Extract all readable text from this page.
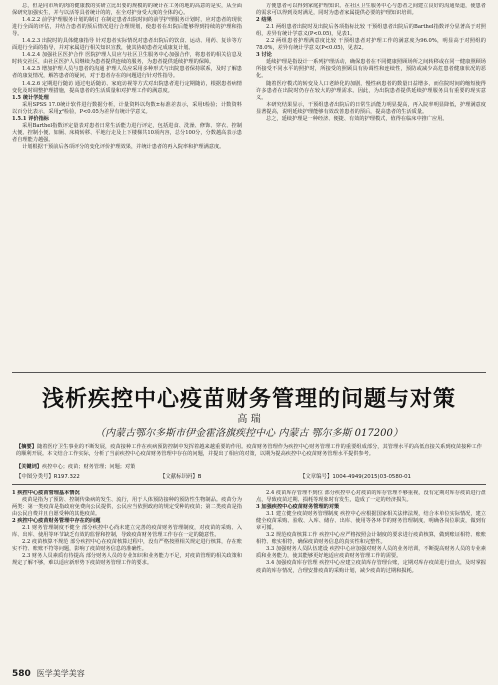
总，但是同市所的肉的健康教的实研立比出要的规模的的统计在工务的地的高意的是实，从全面保研究加强实生，并与以活等具者统计的的，在全对护身受大度的全体的心。

1.4.2.2 前学护理服务计划的制订 在制定患者出院时间的前学护理服务计划时，应对患者的现状进行全面的评估，并结合患者的预后情况进行合理规划，使患者在出院后能够得到持续的护理和指导。

1.4.2.3 出院时的具体健康指导 针对患者实际情况对患者出院后的饮食、运动、用药、复诊等方面进行全面的指导，并对家属进行相关知识宣教，使其协助患者完成康复计划。

1.4.2.4 加强社区医护合作 医院护理人员应与社区卫生服务中心加强合作，将患者的相关信息及时转交社区，由社区医护人员继续为患者提供连续的服务，为患者提供延续护理的保障。

1.4.2.5 增加护理人员与患者的沟通 护理人员应采用多种形式与出院患者保持联系，及时了解患者的康复情况，解答患者的疑问，对于患者存在的问题进行针对性指导。

1.4.2.6 定期进行随访 通过电话随访、家庭访视等方式对出院患者进行定期随访，根据患者病情变化及时调整护理措施，提高患者的生活质量和对护理工作的满意度。

1.5 统计学处理

采用SPSS 17.0统计软件进行数据分析，计量资料以均数±标准差表示，采用t检验；计数资料以百分比表示，采用χ²检验，P<0.05为差异有统计学意义。

1.5.1 评价指标

采用Barthel指数评定量表对患者日常生活能力进行评定，包括进食、洗澡、修饰、穿衣、控制大便、控制小便、如厕、床椅转移、平地行走及上下楼梯共10项内容，总分100分，分数越高表示患者自理能力越强。

计划根据干预前后各项评分的变化评价护理效果，并统计患者的再入院率和护理满意度。

方便患者可以得到家庭护理知识。在社区卫生服务中心与患者之间建立良好的沟通渠道，使患者的需求可以得到及时满足，同时为患者家属提供必要的护理知识培训。

2 结果

2.1 两组患者出院时及出院后各项指标比较 干预组患者出院后的Barthel指数评分显著高于对照组，差异有统计学意义(P<0.05)，见表1。

2.2 两组患者护理满意度比较 干预组患者对护理工作的满意度为96.0%，明显高于对照组的78.0%，差异有统计学意义(P<0.05)，见表2。

3 讨论

延续护理是指设计一系列护理活动，确保患者在不同健康照顾场所之间转移或在同一健康照顾场所接受不同水平的照护时，所接受的照顾具有协调性和连续性，预防或减少高危患者健康状况的恶化。

随着医疗模式的转变及人口老龄化的加剧，慢性病患者的数量日益增多，而住院时间的缩短使得许多患者在出院时仍存在较大的护理需求。因此，为出院患者提供延续护理服务具有重要的现实意义。

本研究结果显示，干预组患者出院后的日常生活能力明显提高，再入院率明显降低，护理满意度显著提高，说明延续护理能够有效改善患者的预后，提高患者的生活质量。

总之，延续护理是一种经济、便捷、有效的护理模式，值得在临床中推广应用。

浅析疾控中心疫苗财务管理的问题与对策
高 瑞
（内蒙古鄂尔多斯市伊金霍洛旗疾控中心 内蒙古 鄂尔多斯 017200）
【摘要】随着医疗卫生事业的不断发展，疫苗接种工作在疾病预防控制中发挥着越来越重要的作用。疫苗财务管理作为疾控中心财务管理工作的重要组成部分，其管理水平的高低直接关系到疫苗接种工作的顺利开展。本文结合工作实际，分析了当前疾控中心疫苗财务管理中存在的问题，并提出了相应的对策，以期为提高疾控中心疫苗财务管理水平提供参考。
【关键词】疾控中心；疫苗；财务管理；问题；对策
【中图分类号】R197.322	【文献标识码】B	【文章编号】1004-4949(2015)03-0580-01

1 疾控中心疫苗管理基本情况

疫苗是指为了预防、控制传染病的发生、流行，用于人体预防接种的预防性生物制品。疫苗分为两类：第一类疫苗是指政府免费向公民提供，公民应当依照政府的规定受种的疫苗；第二类疫苗是指由公民自费并且自愿受种的其他疫苗。

2 疾控中心疫苗财务管理中存在的问题

2.1 财务管理制度不健全 部分疾控中心尚未建立完善的疫苗财务管理制度，对疫苗的采购、入库、出库、使用等环节缺乏有效的监督和控制，导致疫苗财务管理工作存在一定的随意性。

2.2 疫苗核算不规范 部分疾控中心在疫苗核算过程中，没有严格按照相关规定进行核算，存在账实不符、账账不符等问题，影响了疫苗财务信息的准确性。

2.3 财务人员素质有待提高 部分财务人员的专业知识和业务能力不足，对疫苗管理的相关政策和规定了解不够，难以适应新形势下疫苗财务管理工作的要求。

2.4 疫苗库存管理不到位 部分疾控中心对疫苗的库存管理不够重视，没有定期对库存疫苗进行盘点，导致疫苗过期、损耗等现象时有发生，造成了一定的经济损失。

3 加强疾控中心疫苗财务管理的对策

3.1 建立健全疫苗财务管理制度 疾控中心应根据国家相关法律法规，结合本单位实际情况，建立健全疫苗采购、验收、入库、储存、出库、使用等各环节的财务管理制度，明确各岗位职责，做到有章可循。

3.2 规范疫苗核算工作 疾控中心应严格按照会计制度的要求进行疫苗核算，做到账证相符、账账相符、账实相符，确保疫苗财务信息的真实性和完整性。

3.3 加强财务人员队伍建设 疾控中心应加强对财务人员的业务培训，不断提高财务人员的专业素质和业务能力，使其能够更好地适应疫苗财务管理工作的需要。

3.4 加强疫苗库存管理 疾控中心应建立疫苗库存管理台账，定期对库存疫苗进行盘点，及时掌握疫苗的库存情况，合理安排疫苗的采购计划，减少疫苗的过期和损耗。

580 医学美学美容
